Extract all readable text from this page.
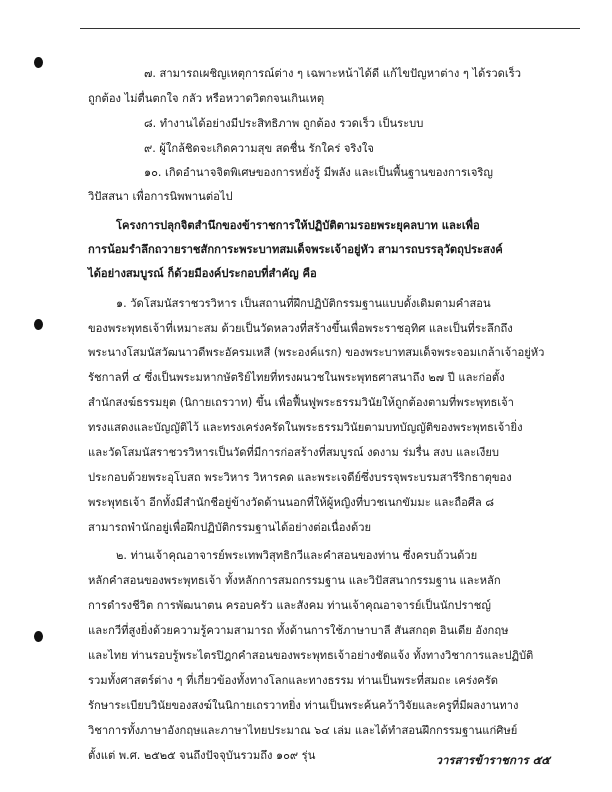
๗. สามารถเผชิญเหตุการณ์ต่าง ๆ เฉพาะหน้าได้ดี แก้ไขปัญหาต่าง ๆ ได้รวดเร็ว
ถูกต้อง ไม่ตื่นตกใจ กลัว หรือหวาดวิตกจนเกินเหตุ
๘. ทำงานได้อย่างมีประสิทธิภาพ ถูกต้อง รวดเร็ว เป็นระบบ
๙. ผู้ใกล้ชิดจะเกิดความสุข สดชื่น รักใคร่ จริงใจ
๑๐. เกิดอำนาจจิตพิเศษของการหยั่งรู้ มีพลัง และเป็นพื้นฐานของการเจริญ
วิปัสสนา เพื่อการนิพพานต่อไป
โครงการปลุกจิตสำนึกของข้าราชการให้ปฏิบัติตามรอยพระยุคลบาท และเพื่อ
การน้อมรำลึกถวายราชสักการะพระบาทสมเด็จพระเจ้าอยู่หัว สามารถบรรลุวัตถุประสงค์
ได้อย่างสมบูรณ์ ก็ด้วยมีองค์ประกอบที่สำคัญ คือ
๑. วัดโสมนัสราชวรวิหาร เป็นสถานที่ฝึกปฏิบัติกรรมฐานแบบดั้งเดิมตามคำสอน
ของพระพุทธเจ้าที่เหมาะสม ด้วยเป็นวัดหลวงที่สร้างขึ้นเพื่อพระราชอุทิศ และเป็นที่ระลึกถึง
พระนางโสมนัสวัฒนาวดีพระอัครมเหสี (พระองค์แรก) ของพระบาทสมเด็จพระจอมเกล้าเจ้าอยู่หัว
รัชกาลที่ ๔ ซึ่งเป็นพระมหากษัตริย์ไทยที่ทรงผนวชในพระพุทธศาสนาถึง ๒๗ ปี และก่อตั้ง
สำนักสงฆ์ธรรมยุต (นิกายเถรวาท) ขึ้น เพื่อฟื้นฟูพระธรรมวินัยให้ถูกต้องตามที่พระพุทธเจ้า
ทรงแสดงและบัญญัติไว้ และทรงเคร่งครัดในพระธรรมวินัยตามบทบัญญัติของพระพุทธเจ้ายิ่ง
และวัดโสมนัสราชวรวิหารเป็นวัดที่มีการก่อสร้างที่สมบูรณ์ งดงาม ร่มรื่น สงบ และเงียบ
ประกอบด้วยพระอุโบสถ พระวิหาร วิหารคด และพระเจดีย์ซึ่งบรรจุพระบรมสารีริกธาตุของ
พระพุทธเจ้า อีกทั้งมีสำนักชีอยู่ข้างวัดด้านนอกที่ให้ผู้หญิงที่บวชเนกขัมมะ และถือศีล ๘
สามารถพำนักอยู่เพื่อฝึกปฏิบัติกรรมฐานได้อย่างต่อเนื่องด้วย
๒. ท่านเจ้าคุณอาจารย์พระเทพวิสุทธิกวีและคำสอนของท่าน ซึ่งครบถ้วนด้วย
หลักคำสอนของพระพุทธเจ้า ทั้งหลักการสมถกรรมฐาน และวิปัสสนากรรมฐาน และหลัก
การดำรงชีวิต การพัฒนาตน ครอบครัว และสังคม ท่านเจ้าคุณอาจารย์เป็นนักปราชญ์
และกวีที่สูงยิ่งด้วยความรู้ความสามารถ ทั้งด้านการใช้ภาษาบาลี สันสกฤต อินเดีย อังกฤษ
และไทย ท่านรอบรู้พระไตรปิฎกคำสอนของพระพุทธเจ้าอย่างชัดแจ้ง ทั้งทางวิชาการและปฏิบัติ
รวมทั้งศาสตร์ต่าง ๆ ที่เกี่ยวข้องทั้งทางโลกและทางธรรม ท่านเป็นพระที่สมถะ เคร่งครัด
รักษาระเบียบวินัยของสงฆ์ในนิกายเถรวาทยิ่ง ท่านเป็นพระค้นคว้าวิจัยและครูที่มีผลงานทาง
วิชาการทั้งภาษาอังกฤษและภาษาไทยประมาณ ๖๔ เล่ม และได้ทำสอนฝึกกรรมฐานแก่ศิษย์
ตั้งแต่ พ.ศ. ๒๕๒๕ จนถึงปัจจุบันรวมถึง ๑๐๙ รุ่น	วารสารข้าราชการ ๕๕
